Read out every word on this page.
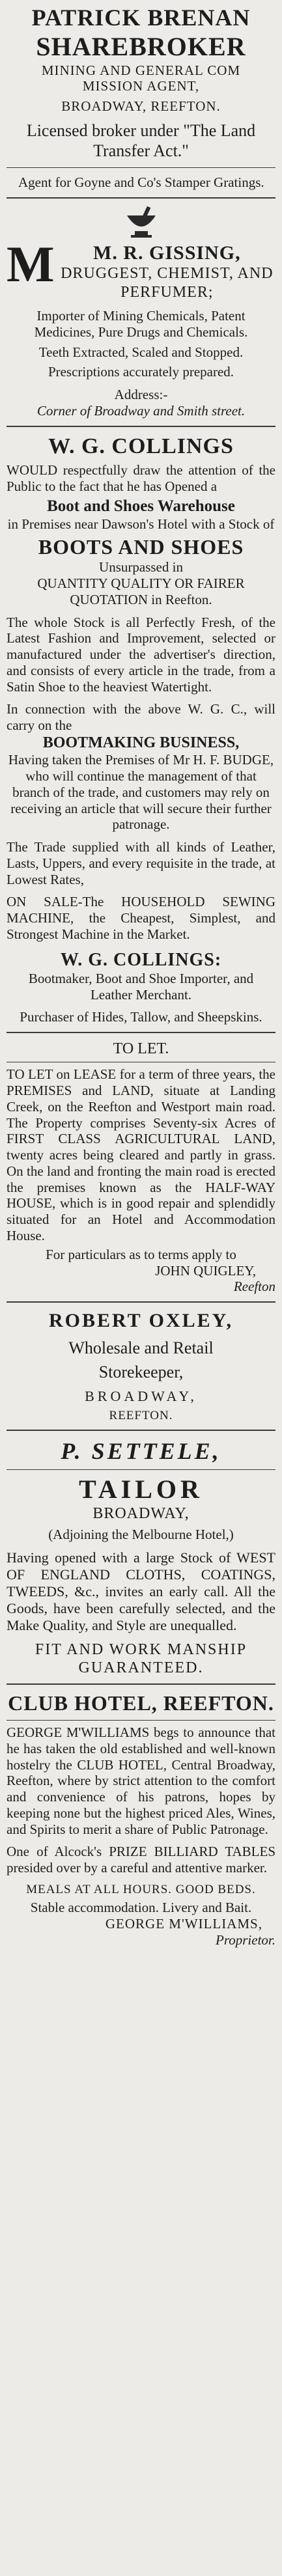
PATRICK BRENAN
SHAREBROKER
MINING AND GENERAL COM
MISSION AGENT,
BROADWAY, REEFTON.
Licensed broker under "The Land Transfer Act."
Agent for Goyne and Co's Stamper Gratings.
M	M. R. GISSING,
DRUGGEST, CHEMIST, AND PERFUMER;
Importer of Mining Chemicals, Patent Medicines, Pure Drugs and Chemicals.
Teeth Extracted, Scaled and Stopped.
Prescriptions accurately prepared.
Address:-
Corner of Broadway and Smith street.
W. G. COLLINGS
WOULD respectfully draw the attention of the Public to the fact that he has Opened a
Boot and Shoes Warehouse
in Premises near Dawson's Hotel with a Stock of
BOOTS AND SHOES
Unsurpassed in
QUANTITY QUALITY OR FAIRER QUOTATION in Reefton.
The whole Stock is all Perfectly Fresh, of the Latest Fashion and Improvement, selected or manufactured under the advertiser's direction, and consists of every article in the trade, from a Satin Shoe to the heaviest Watertight.
In connection with the above W. G. C., will carry on the
BOOTMAKING BUSINESS,
Having taken the Premises of Mr H. F. BUDGE, who will continue the management of that branch of the trade, and customers may rely on receiving an article that will secure their further patronage.
The Trade supplied with all kinds of Leather, Lasts, Uppers, and every requisite in the trade, at Lowest Rates,
ON SALE-The HOUSEHOLD SEWING MACHINE, the Cheapest, Simplest, and Strongest Machine in the Market.
W. G. COLLINGS:
Bootmaker, Boot and Shoe Importer, and Leather Merchant.
Purchaser of Hides, Tallow, and Sheepskins.
TO LET.
TO LET on LEASE for a term of three years, the PREMISES and LAND, situate at Landing Creek, on the Reefton and Westport main road. The Property comprises Seventy-six Acres of FIRST CLASS AGRICULTURAL LAND, twenty acres being cleared and partly in grass. On the land and fronting the main road is erected the premises known as the HALF-WAY HOUSE, which is in good repair and splendidly situated for an Hotel and Accommodation House.
For particulars as to terms apply to
JOHN QUIGLEY,
Reefton
ROBERT OXLEY,
Wholesale and Retail
Storekeeper,
BROADWAY,
REEFTON.
P. SETTELE,
TAILOR
BROADWAY,
(Adjoining the Melbourne Hotel,)
Having opened with a large Stock of WEST OF ENGLAND CLOTHS, COATINGS, TWEEDS, &c., invites an early call. All the Goods, have been carefully selected, and the Make Quality, and Style are unequalled.
FIT AND WORK MANSHIP GUARANTEED.
CLUB HOTEL, REEFTON.
GEORGE M'WILLIAMS begs to announce that he has taken the old established and well-known hostelry the CLUB HOTEL, Central Broadway, Reefton, where by strict attention to the comfort and convenience of his patrons, hopes by keeping none but the highest priced Ales, Wines, and Spirits to merit a share of Public Patronage.
One of Alcock's PRIZE BILLIARD TABLES presided over by a careful and attentive marker.
MEALS AT ALL HOURS. GOOD BEDS.
Stable accommodation. Livery and Bait.
GEORGE M'WILLIAMS,
Proprietor.
